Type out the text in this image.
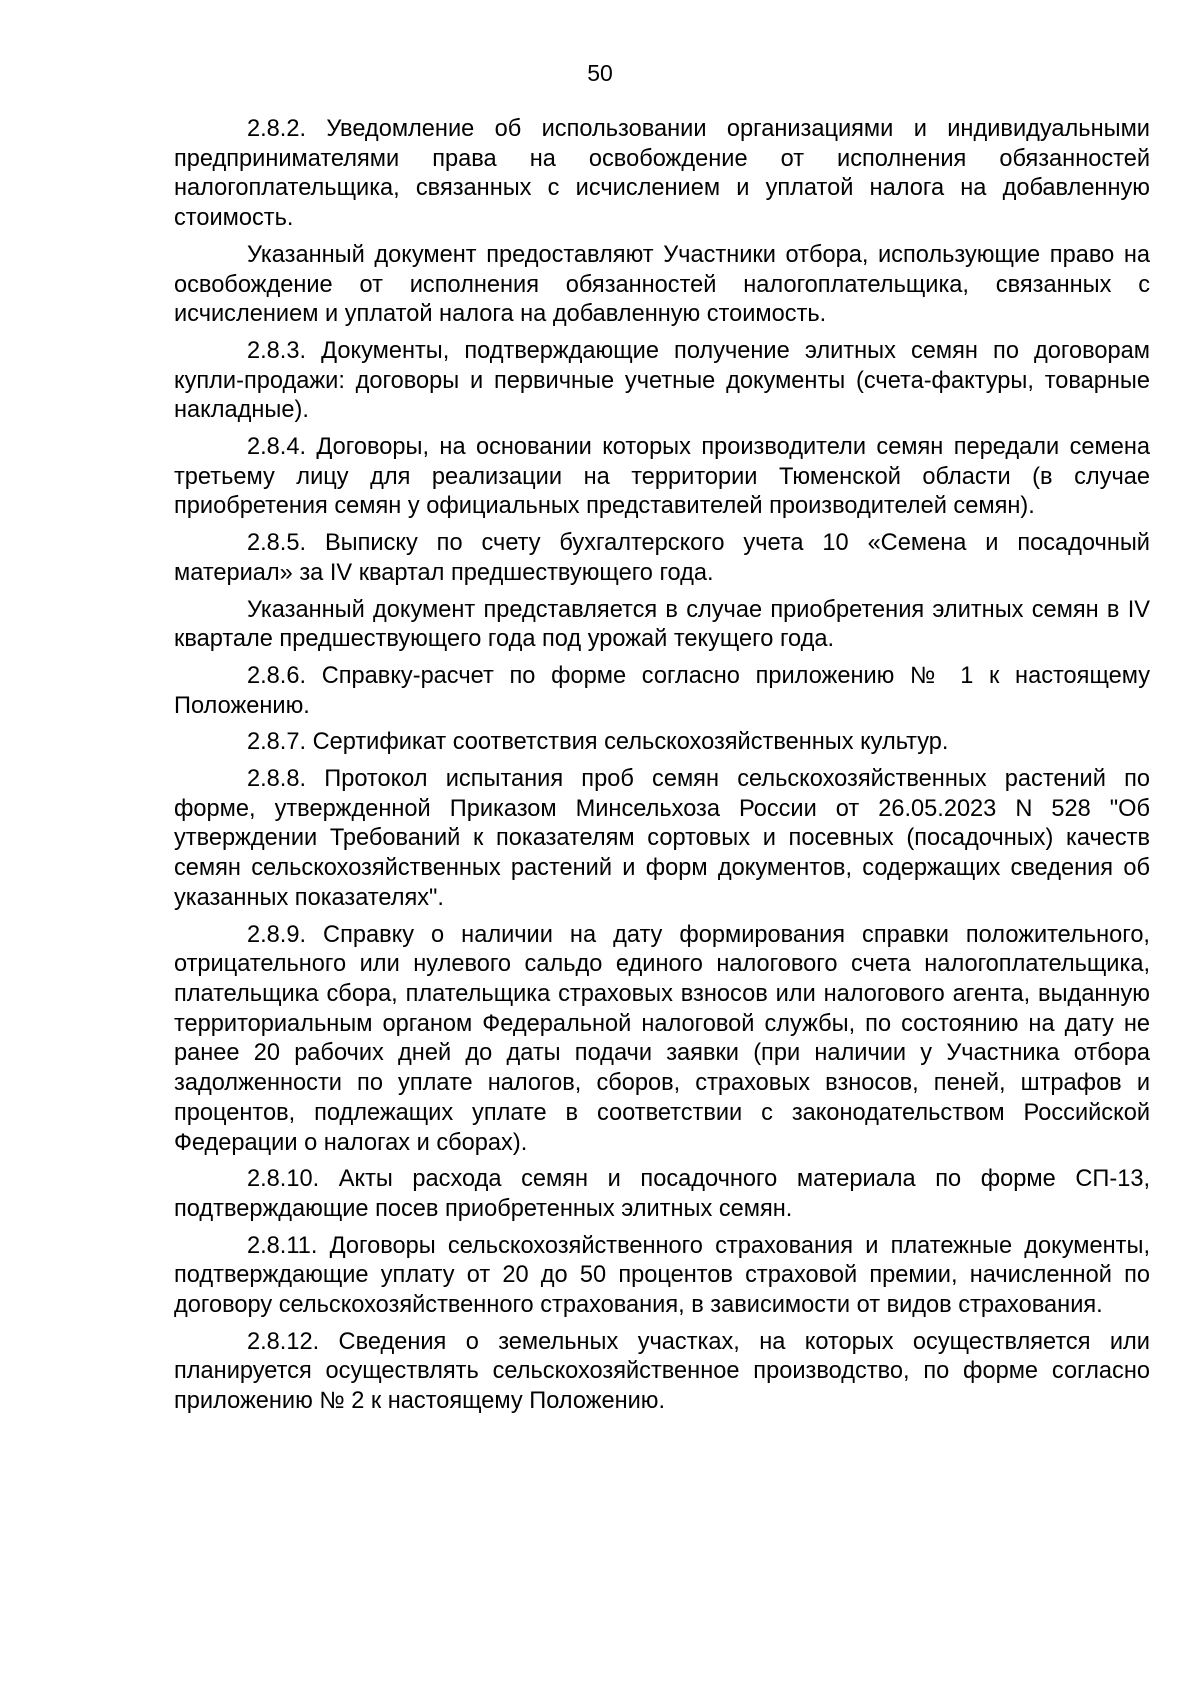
50

2.8.2. Уведомление об использовании организациями и индивидуальными предпринимателями права на освобождение от исполнения обязанностей налогоплательщика, связанных с исчислением и уплатой налога на добавленную стоимость.

Указанный документ предоставляют Участники отбора, использующие право на освобождение от исполнения обязанностей налогоплательщика, связанных с исчислением и уплатой налога на добавленную стоимость.

2.8.3. Документы, подтверждающие получение элитных семян по договорам купли-продажи: договоры и первичные учетные документы (счета-фактуры, товарные накладные).

2.8.4. Договоры, на основании которых производители семян передали семена третьему лицу для реализации на территории Тюменской области (в случае приобретения семян у официальных представителей производителей семян).

2.8.5. Выписку по счету бухгалтерского учета 10 «Семена и посадочный материал» за IV квартал предшествующего года.

Указанный документ представляется в случае приобретения элитных семян в IV квартале предшествующего года под урожай текущего года.

2.8.6. Справку-расчет по форме согласно приложению № 1 к настоящему Положению.

2.8.7. Сертификат соответствия сельскохозяйственных культур.

2.8.8. Протокол испытания проб семян сельскохозяйственных растений по форме, утвержденной Приказом Минсельхоза России от 26.05.2023 N 528 "Об утверждении Требований к показателям сортовых и посевных (посадочных) качеств семян сельскохозяйственных растений и форм документов, содержащих сведения об указанных показателях".

2.8.9. Справку о наличии на дату формирования справки положительного, отрицательного или нулевого сальдо единого налогового счета налогоплательщика, плательщика сбора, плательщика страховых взносов или налогового агента, выданную территориальным органом Федеральной налоговой службы, по состоянию на дату не ранее 20 рабочих дней до даты подачи заявки (при наличии у Участника отбора задолженности по уплате налогов, сборов, страховых взносов, пеней, штрафов и процентов, подлежащих уплате в соответствии с законодательством Российской Федерации о налогах и сборах).

2.8.10. Акты расхода семян и посадочного материала по форме СП-13, подтверждающие посев приобретенных элитных семян.

2.8.11. Договоры сельскохозяйственного страхования и платежные документы, подтверждающие уплату от 20 до 50 процентов страховой премии, начисленной по договору сельскохозяйственного страхования, в зависимости от видов страхования.

2.8.12. Сведения о земельных участках, на которых осуществляется или планируется осуществлять сельскохозяйственное производство, по форме согласно приложению № 2 к настоящему Положению.
